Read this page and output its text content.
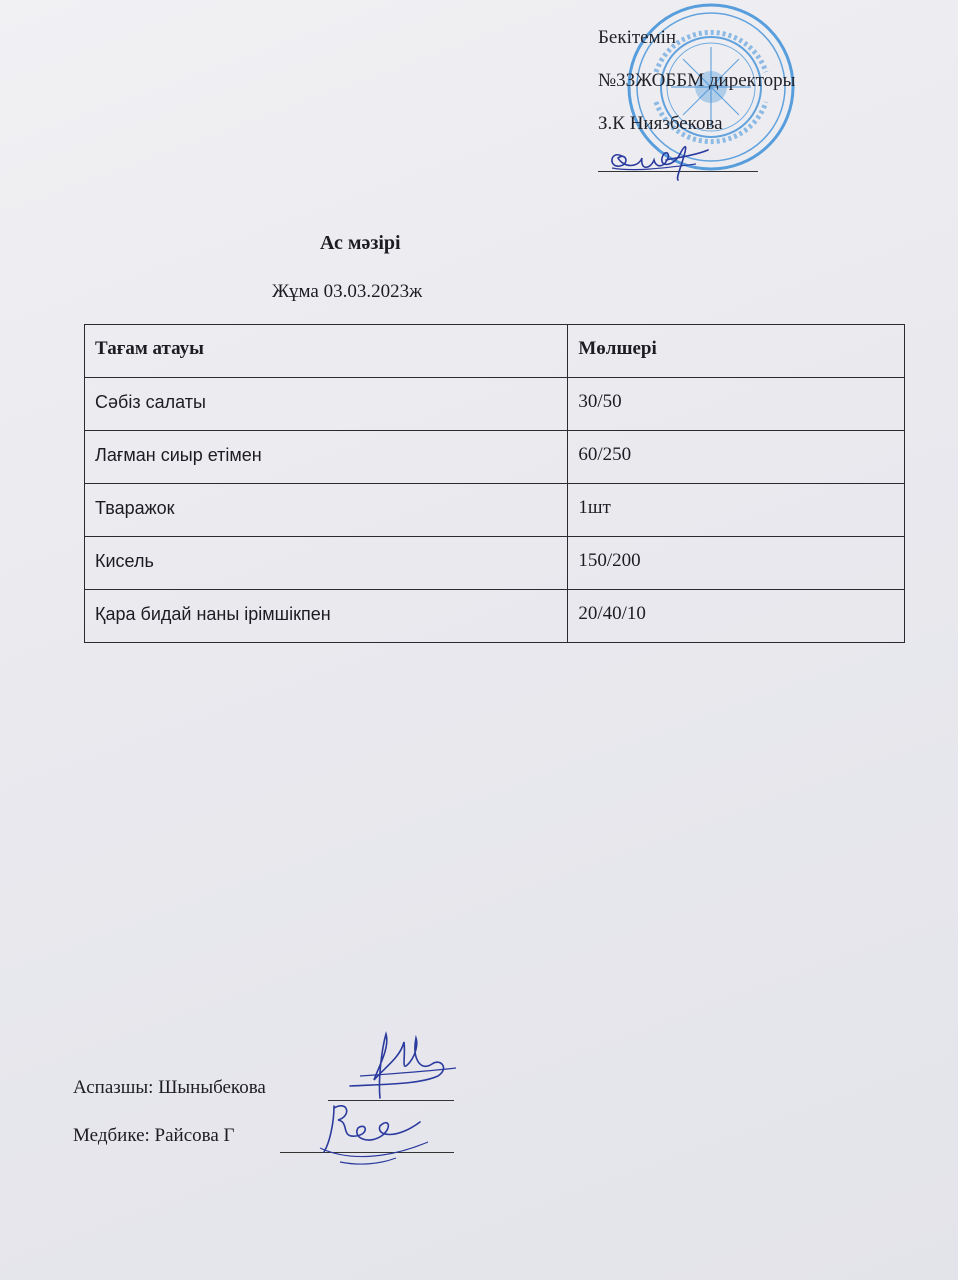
Бекітемін
№33ЖОББМ директоры
З.К Ниязбекова
Ас мәзірі
Жұма 03.03.2023ж
Тағам атауы	Мөлшері
Сәбіз салаты	30/50
Лағман сиыр етімен	60/250
Тваражок	1шт
Кисель	150/200
Қара бидай наны ірімшікпен	20/40/10
Аспазшы: Шыныбекова
Медбике: Райсова Г
